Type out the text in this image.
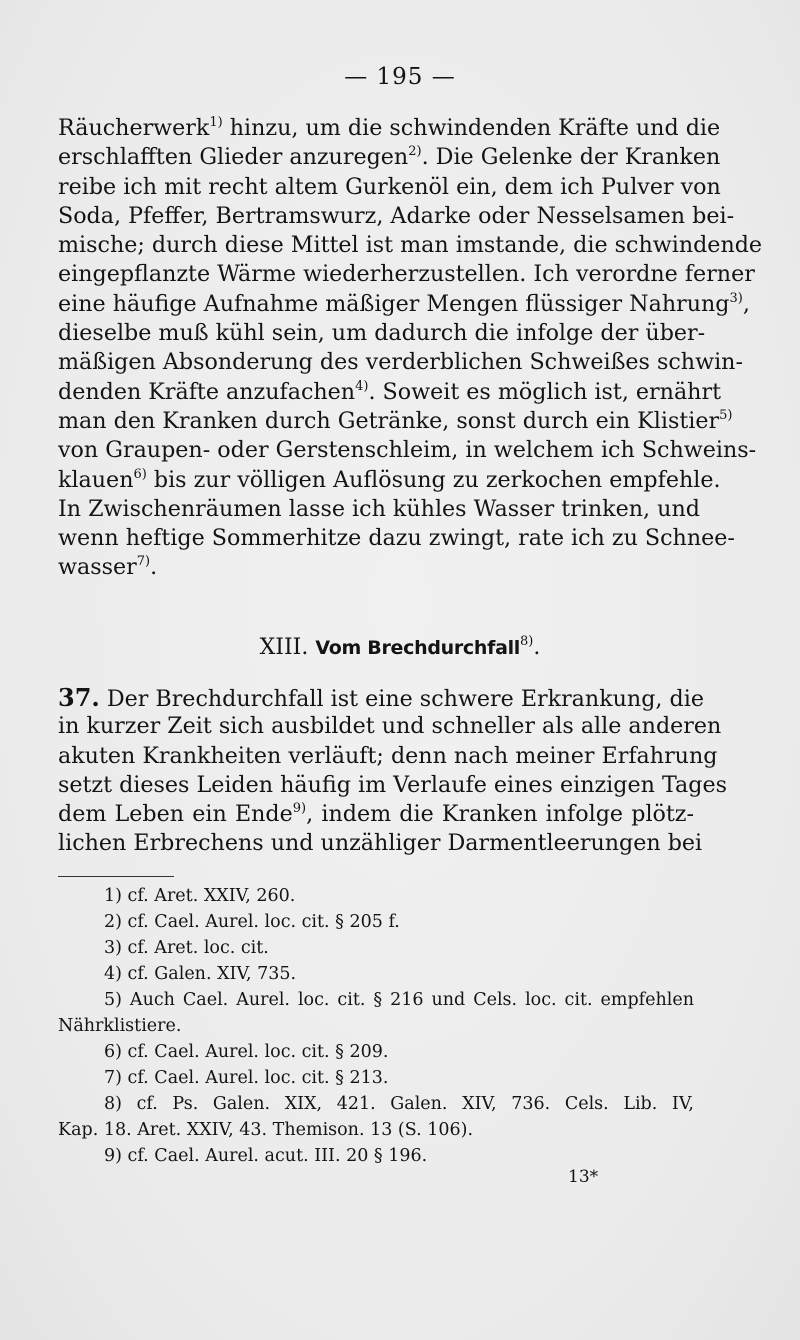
— 195 —
Räucherwerk$^{1)}$ hinzu, um die schwindenden Kräfte und die
erschlafften Glieder anzuregen$^{2)}$. Die Gelenke der Kranken
reibe ich mit recht altem Gurkenöl ein, dem ich Pulver von
Soda, Pfeffer, Bertramswurz, Adarke oder Nesselsamen bei-
mische; durch diese Mittel ist man imstande, die schwindende
eingepflanzte Wärme wiederherzustellen. Ich verordne ferner
eine häufige Aufnahme mäßiger Mengen flüssiger Nahrung$^{3)}$,
dieselbe muß kühl sein, um dadurch die infolge der über-
mäßigen Absonderung des verderblichen Schweißes schwin-
denden Kräfte anzufachen$^{4)}$. Soweit es möglich ist, ernährt
man den Kranken durch Getränke, sonst durch ein Klistier$^{5)}$
von Graupen- oder Gerstenschleim, in welchem ich Schweins-
klauen$^{6)}$ bis zur völligen Auflösung zu zerkochen empfehle.
In Zwischenräumen lasse ich kühles Wasser trinken, und
wenn heftige Sommerhitze dazu zwingt, rate ich zu Schnee-
wasser$^{7)}$.
XIII. Vom Brechdurchfall$^{8)}$.
37. Der Brechdurchfall ist eine schwere Erkrankung, die
in kurzer Zeit sich ausbildet und schneller als alle anderen
akuten Krankheiten verläuft; denn nach meiner Erfahrung
setzt dieses Leiden häufig im Verlaufe eines einzigen Tages
dem Leben ein Ende$^{9)}$, indem die Kranken infolge plötz-
lichen Erbrechens und unzähliger Darmentleerungen bei
1) cf. Aret. XXIV, 260.
2) cf. Cael. Aurel. loc. cit. § 205 f.
3) cf. Aret. loc. cit.
4) cf. Galen. XIV, 735.
5) Auch Cael. Aurel. loc. cit. § 216 und Cels. loc. cit. empfehlen
Nährklistiere.
6) cf. Cael. Aurel. loc. cit. § 209.
7) cf. Cael. Aurel. loc. cit. § 213.
8) cf. Ps. Galen. XIX, 421. Galen. XIV, 736. Cels. Lib. IV,
Kap. 18. Aret. XXIV, 43. Themison. 13 (S. 106).
9) cf. Cael. Aurel. acut. III. 20 § 196.
13*
